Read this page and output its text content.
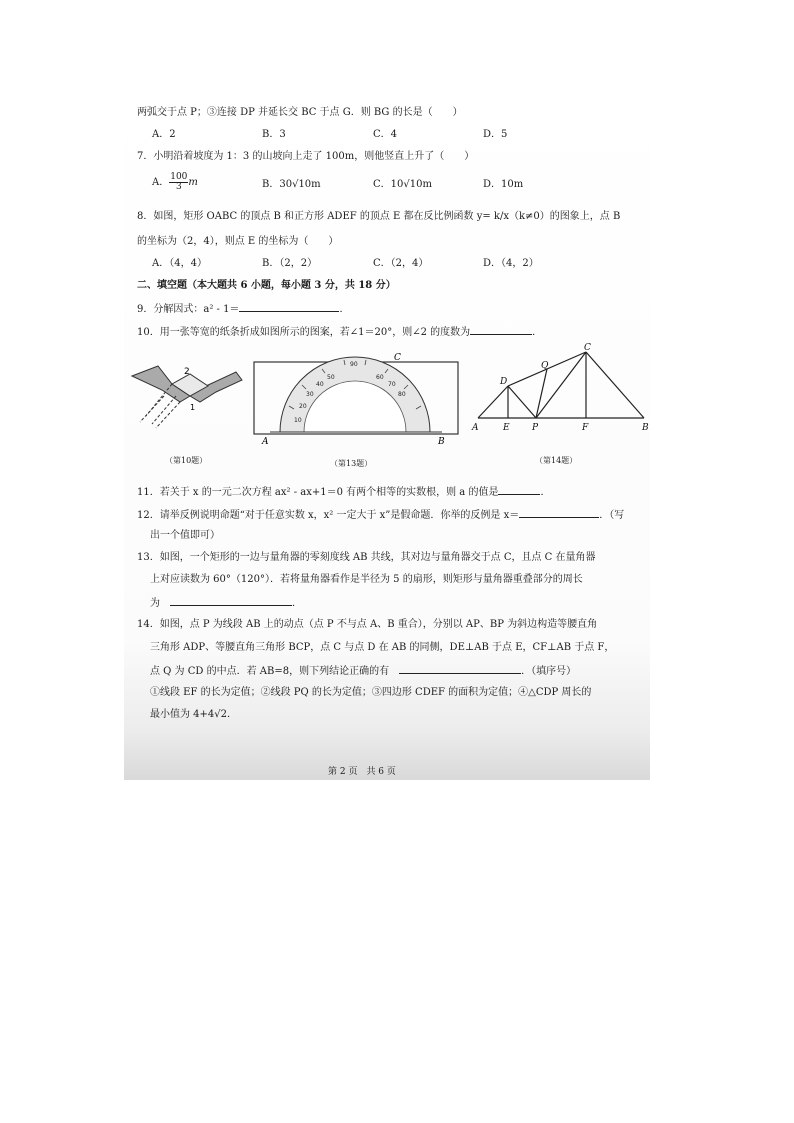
两弧交于点 P；③连接 DP 并延长交 BC 于点 G．则 BG 的长是（　　）
A．2	B．3	C．4	D．5
7．小明沿着坡度为 1：3 的山坡向上走了 100m，则他竖直上升了（　　）
A． $\frac{100}{3}$ m	B．30√10m	C．10√10m	D．10m
8．如图，矩形 OABC 的顶点 B 和正方形 ADEF 的顶点 E 都在反比例函数 y= k/x（k≠0）的图象上，点 B
的坐标为（2，4），则点 E 的坐标为（　　）
A．（4，4）	B．（2，2）	C．（2，4）	D．（4，2）
二、填空题（本大题共 6 小题，每小题 3 分，共 18 分）
9．分解因式：a² - 1＝	．
10．用一张等宽的纸条折成如图所示的图案，若∠1＝20°，则∠2 的度数为	．
2
1
（第10题）
10
20
30
40
50	60
70
80
90
A	B
C
（第13题）
A	E P	F	B
D
Q
C
（第14题）
11．若关于 x 的一元二次方程 ax² - ax+1＝0 有两个相等的实数根，则 a 的值是	．
12．请举反例说明命题“对于任意实数 x，x² 一定大于 x”是假命题．你举的反例是 x＝	．（写
出一个值即可）
13．如图，一个矩形的一边与量角器的零刻度线 AB 共线，其对边与量角器交于点 C，且点 C 在量角器
上对应读数为 60°（120°）．若将量角器看作是半径为 5 的扇形，则矩形与量角器重叠部分的周长
为	．
14．如图，点 P 为线段 AB 上的动点（点 P 不与点 A、B 重合），分别以 AP、BP 为斜边构造等腰直角
三角形 ADP、等腰直角三角形 BCP，点 C 与点 D 在 AB 的同侧，DE⊥AB 于点 E，CF⊥AB 于点 F，
点 Q 为 CD 的中点．若 AB=8，则下列结论正确的有	．（填序号）
①线段 EF 的长为定值；②线段 PQ 的长为定值；③四边形 CDEF 的面积为定值；④△CDP 周长的
最小值为 4+4√2．
第 2 页　共 6 页
